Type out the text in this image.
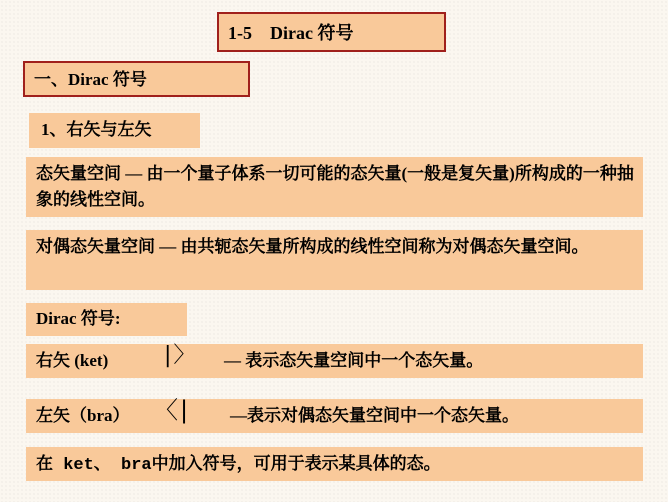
1-5　Dirac 符号
一、Dirac 符号
1、右矢与左矢
态矢量空间 — 由一个量子体系一切可能的态矢量(一般是复矢量)所构成的一种抽象的线性空间。
对偶态矢量空间 — 由共轭态矢量所构成的线性空间称为对偶态矢量空间。
Dirac 符号:
右矢 (ket)	|〉 — 表示态矢量空间中一个态矢量。
左矢（bra） 〈| —表示对偶态矢量空间中一个态矢量。
在 ket、 bra中加入符号，可用于表示某具体的态。
